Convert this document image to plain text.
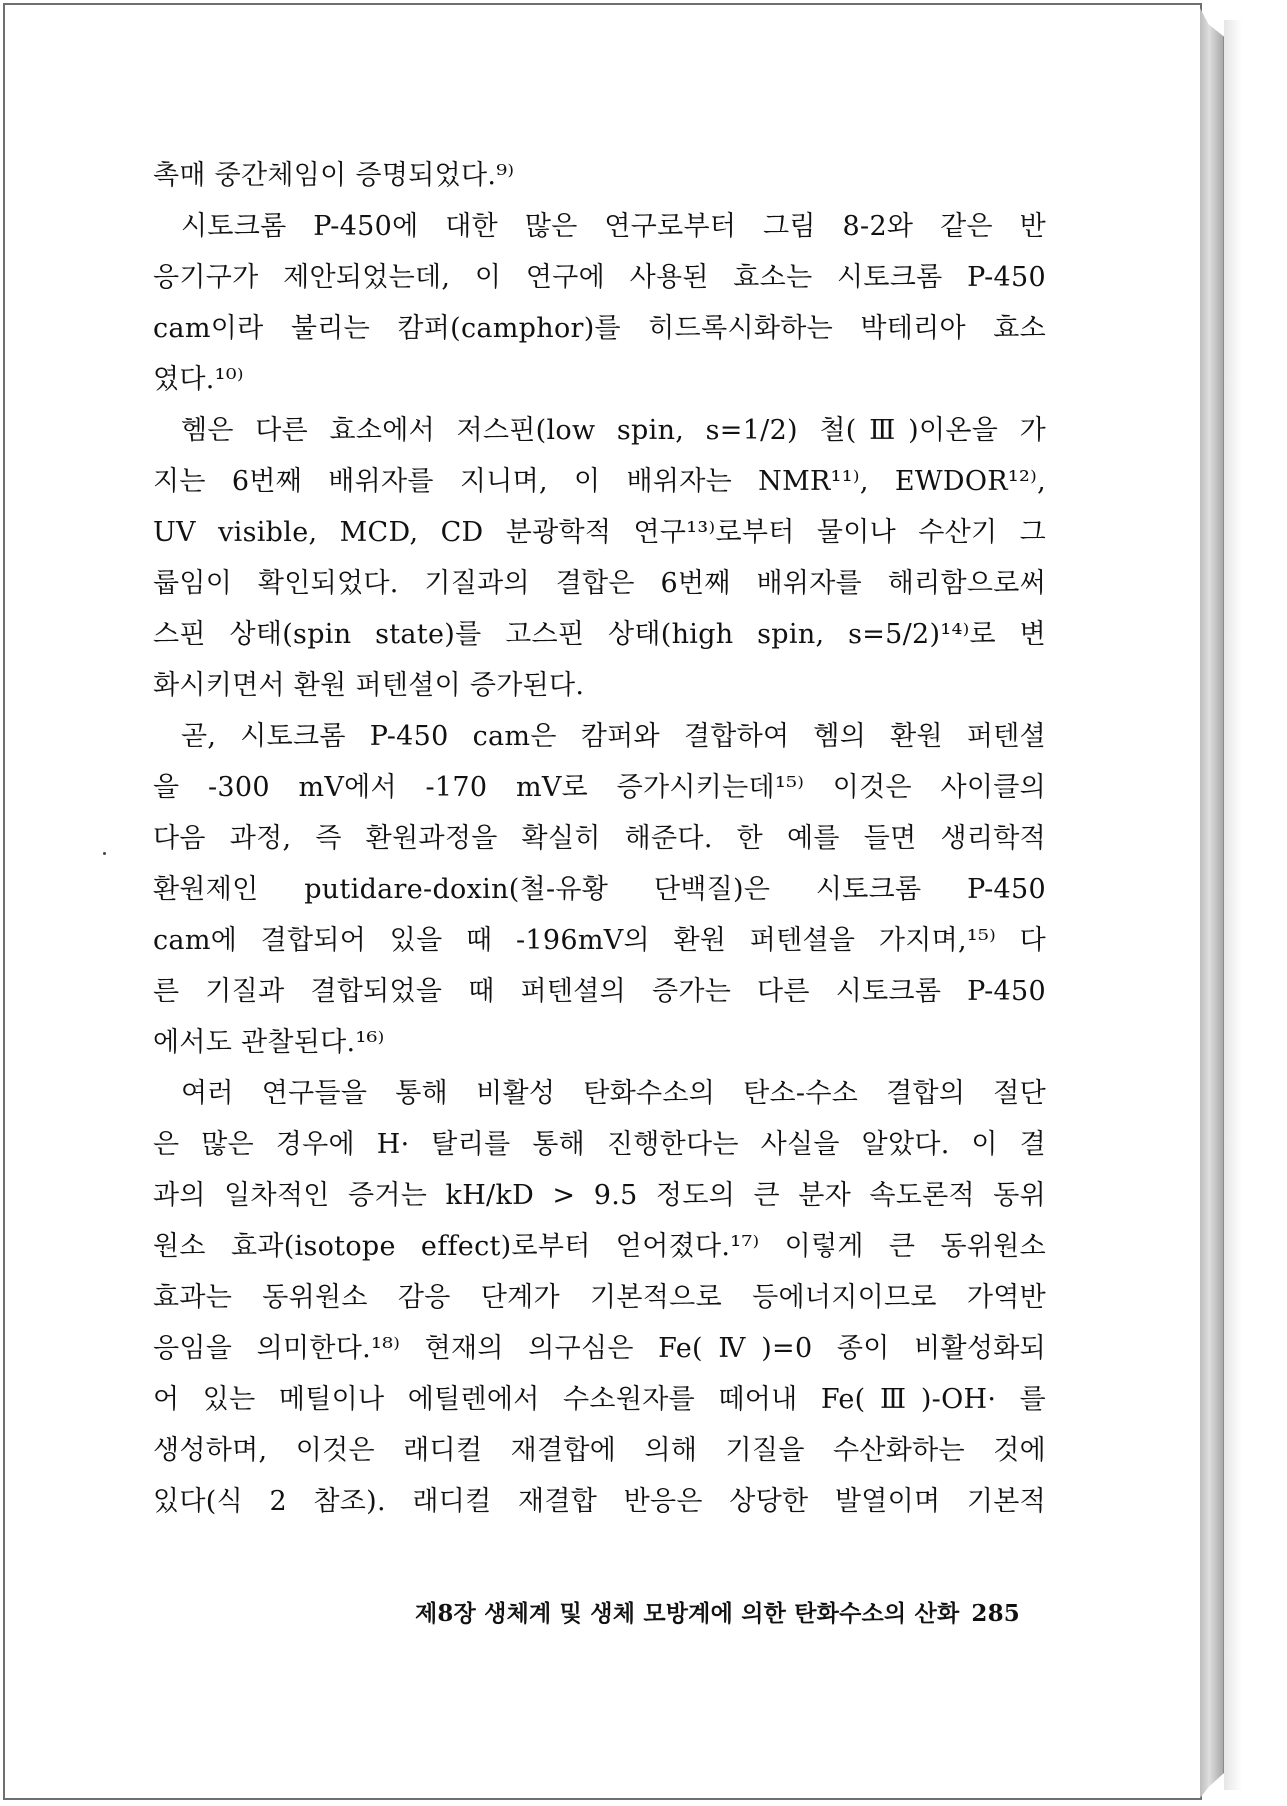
촉매 중간체임이 증명되었다.⁹⁾
시토크롬 P-450에 대한 많은 연구로부터 그림 8-2와 같은 반
응기구가 제안되었는데, 이 연구에 사용된 효소는 시토크롬 P-450
cam이라 불리는 캄퍼(camphor)를 히드록시화하는 박테리아 효소
였다.¹⁰⁾
헴은 다른 효소에서 저스핀(low spin, s=1/2) 철(Ⅲ)이온을 가
지는 6번째 배위자를 지니며, 이 배위자는 NMR¹¹⁾, EWDOR¹²⁾,
UV visible, MCD, CD 분광학적 연구¹³⁾로부터 물이나 수산기 그
룹임이 확인되었다. 기질과의 결합은 6번째 배위자를 해리함으로써
스핀 상태(spin state)를 고스핀 상태(high spin, s=5/2)¹⁴⁾로 변
화시키면서 환원 퍼텐셜이 증가된다.
곧, 시토크롬 P-450 cam은 캄퍼와 결합하여 헴의 환원 퍼텐셜
을 -300 mV에서 -170 mV로 증가시키는데¹⁵⁾ 이것은 사이클의
다음 과정, 즉 환원과정을 확실히 해준다. 한 예를 들면 생리학적
환원제인 putidare-doxin(철-유황 단백질)은 시토크롬 P-450
cam에 결합되어 있을 때 -196mV의 환원 퍼텐셜을 가지며,¹⁵⁾ 다
른 기질과 결합되었을 때 퍼텐셜의 증가는 다른 시토크롬 P-450
에서도 관찰된다.¹⁶⁾
여러 연구들을 통해 비활성 탄화수소의 탄소-수소 결합의 절단
은 많은 경우에 H· 탈리를 통해 진행한다는 사실을 알았다. 이 결
과의 일차적인 증거는 kH/kD > 9.5 정도의 큰 분자 속도론적 동위
원소 효과(isotope effect)로부터 얻어졌다.¹⁷⁾ 이렇게 큰 동위원소
효과는 동위원소 감응 단계가 기본적으로 등에너지이므로 가역반
응임을 의미한다.¹⁸⁾ 현재의 의구심은 Fe(Ⅳ)=0 종이 비활성화되
어 있는 메틸이나 에틸렌에서 수소원자를 떼어내 Fe(Ⅲ)-OH· 를
생성하며, 이것은 래디컬 재결합에 의해 기질을 수산화하는 것에
있다(식 2 참조). 래디컬 재결합 반응은 상당한 발열이며 기본적
제8장 생체계 및 생체 모방계에 의한 탄화수소의 산화 285
